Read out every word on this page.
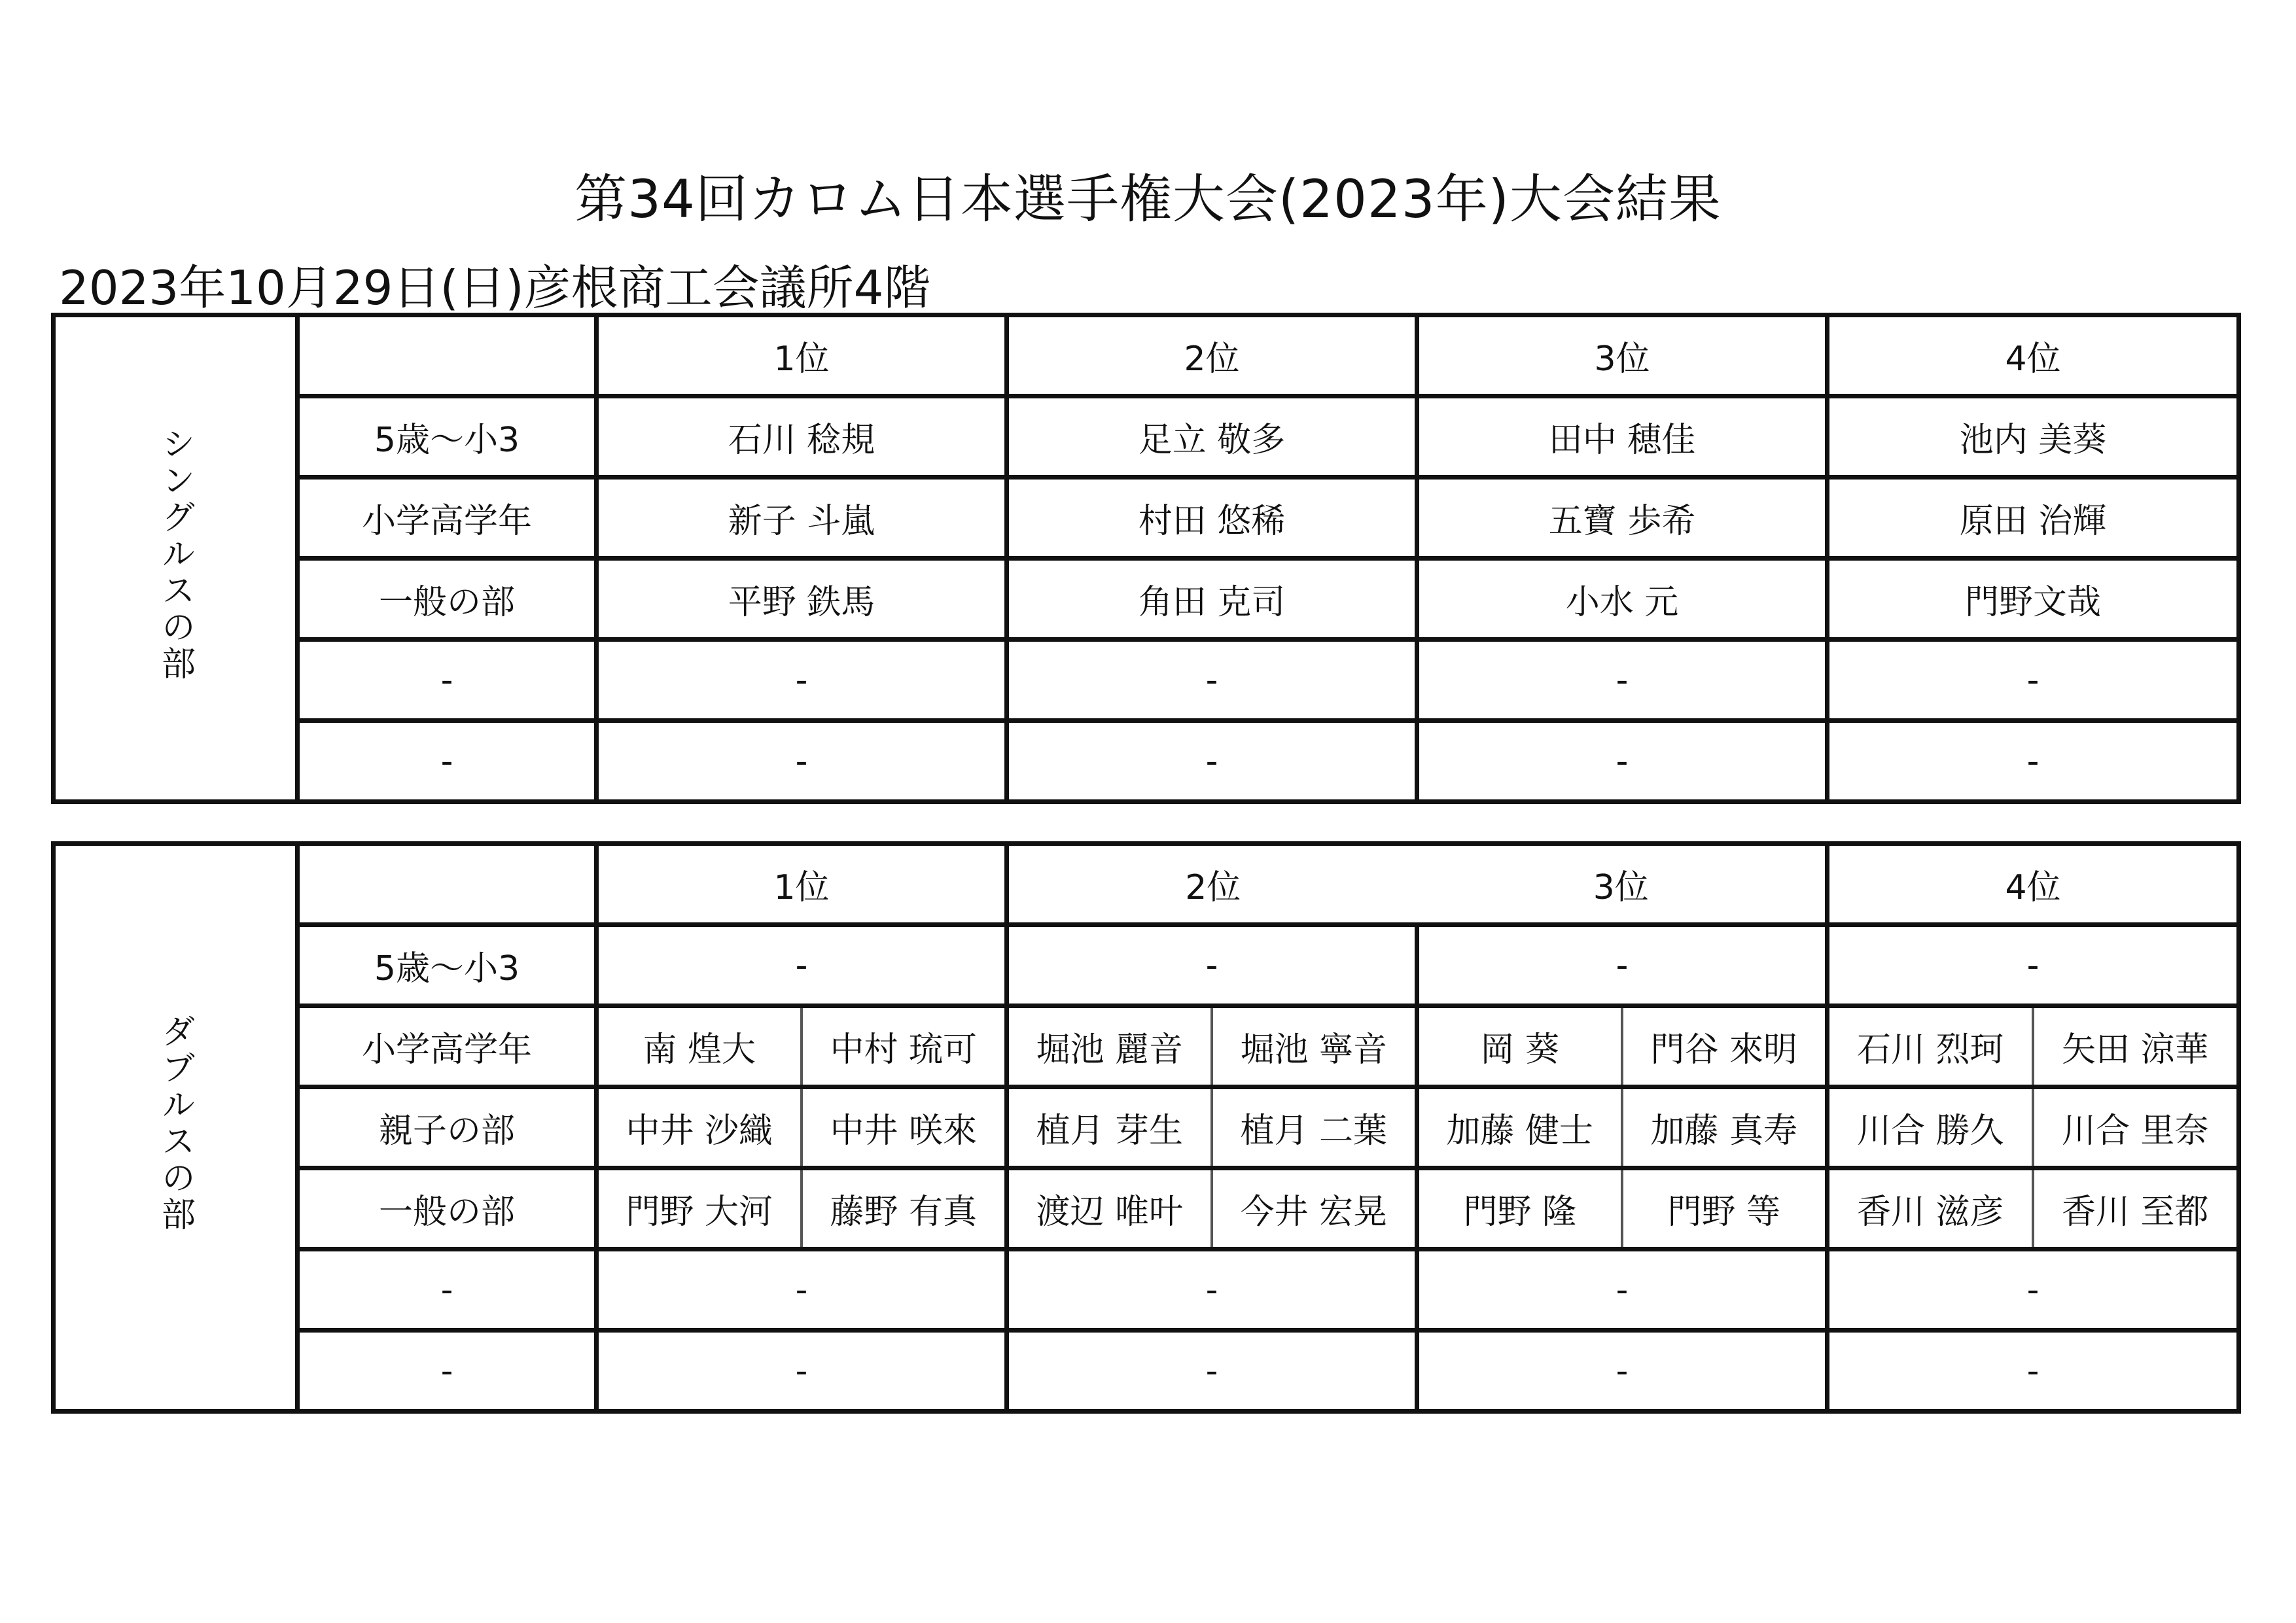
第34回カロム日本選手権大会(2023年)大会結果
2023年10月29日(日)彦根商工会議所4階
シングルスの部		1位	2位	3位	4位
	5歳〜小3	石川 稔規	足立 敬多	田中 穂佳	池内 美葵
	小学高学年	新子 斗嵐	村田 悠稀	五寶 歩希	原田 治輝
	一般の部	平野 鉄馬	角田 克司	小水 元	門野文哉
	-	-	-	-	-
	-	-	-	-	-
ダブルスの部		1位		2位		3位		4位	
	5歳〜小3	-		-		-		-	
	小学高学年	南 煌大	中村 琉可	堀池 麗音	堀池 寧音	岡 葵	門谷 來明	石川 烈珂	矢田 涼華
	親子の部	中井 沙織	中井 咲來	植月 芽生	植月 二葉	加藤 健士	加藤 真寿	川合 勝久	川合 里奈
	一般の部	門野 大河	藤野 有真	渡辺 唯叶	今井 宏晃	門野 隆	門野 等	香川 滋彦	香川 至都
	-	-		-		-		-	
	-	-		-		-		-	
